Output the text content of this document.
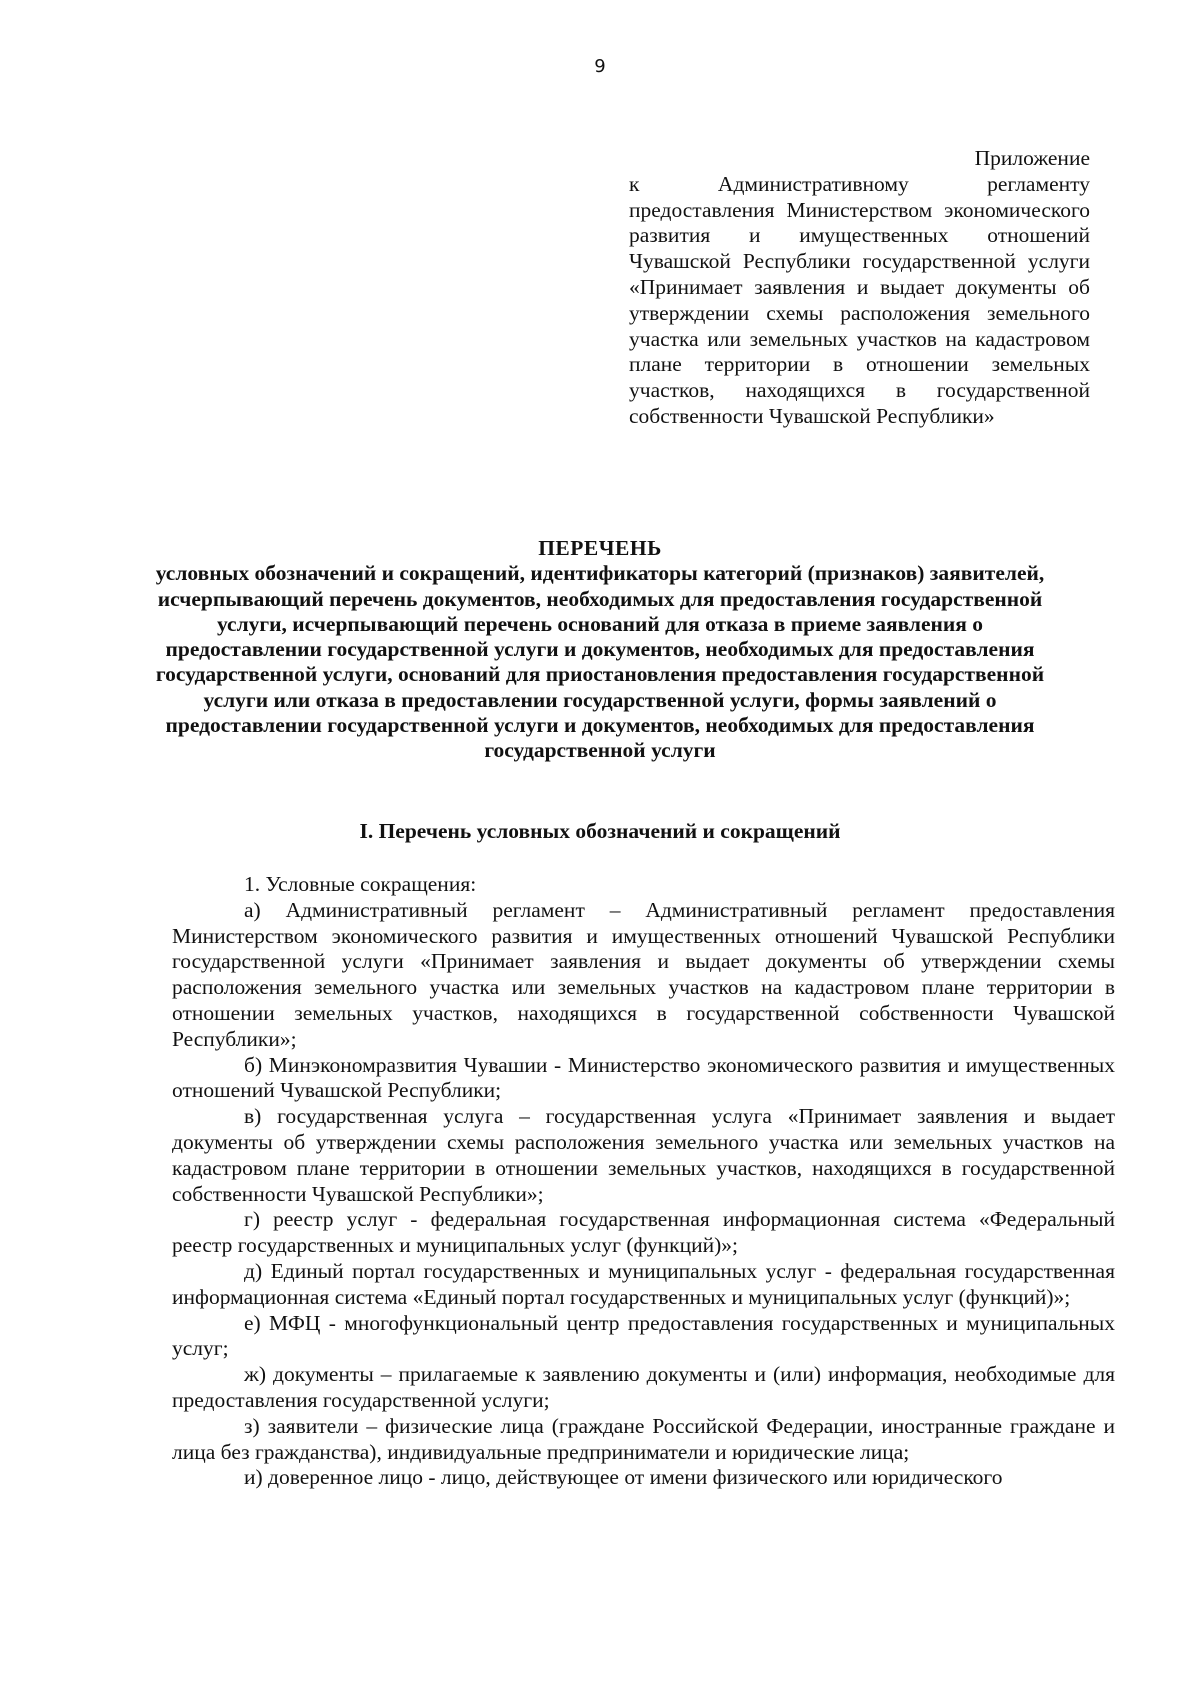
9
Приложение
к Административному регламенту предоставления Министерством экономического развития и имущественных отношений Чувашской Республики государственной услуги «Принимает заявления и выдает документы об утверждении схемы расположения земельного участка или земельных участков на кадастровом плане территории в отношении земельных участков, находящихся в государственной собственности Чувашской Республики»
ПЕРЕЧЕНЬ
условных обозначений и сокращений, идентификаторы категорий (признаков) заявителей, исчерпывающий перечень документов, необходимых для предоставления государственной услуги, исчерпывающий перечень оснований для отказа в приеме заявления о предоставлении государственной услуги и документов, необходимых для предоставления государственной услуги, оснований для приостановления предоставления государственной услуги или отказа в предоставлении государственной услуги, формы заявлений о предоставлении государственной услуги и документов, необходимых для предоставления государственной услуги
I. Перечень условных обозначений и сокращений

1. Условные сокращения:

а) Административный регламент – Административный регламент предоставления Министерством экономического развития и имущественных отношений Чувашской Республики государственной услуги «Принимает заявления и выдает документы об утверждении схемы расположения земельного участка или земельных участков на кадастровом плане территории в отношении земельных участков, находящихся в государственной собственности Чувашской Республики»;

б) Минэкономразвития Чувашии - Министерство экономического развития и имущественных отношений Чувашской Республики;

в) государственная услуга – государственная услуга «Принимает заявления и выдает документы об утверждении схемы расположения земельного участка или земельных участков на кадастровом плане территории в отношении земельных участков, находящихся в государственной собственности Чувашской Республики»;

г) реестр услуг - федеральная государственная информационная система «Федеральный реестр государственных и муниципальных услуг (функций)»;

д) Единый портал государственных и муниципальных услуг - федеральная государственная информационная система «Единый портал государственных и муниципальных услуг (функций)»;

е) МФЦ - многофункциональный центр предоставления государственных и муниципальных услуг;

ж) документы – прилагаемые к заявлению документы и (или) информация, необходимые для предоставления государственной услуги;

з) заявители – физические лица (граждане Российской Федерации, иностранные граждане и лица без гражданства), индивидуальные предприниматели и юридические лица;

и) доверенное лицо - лицо, действующее от имени физического или юридического
